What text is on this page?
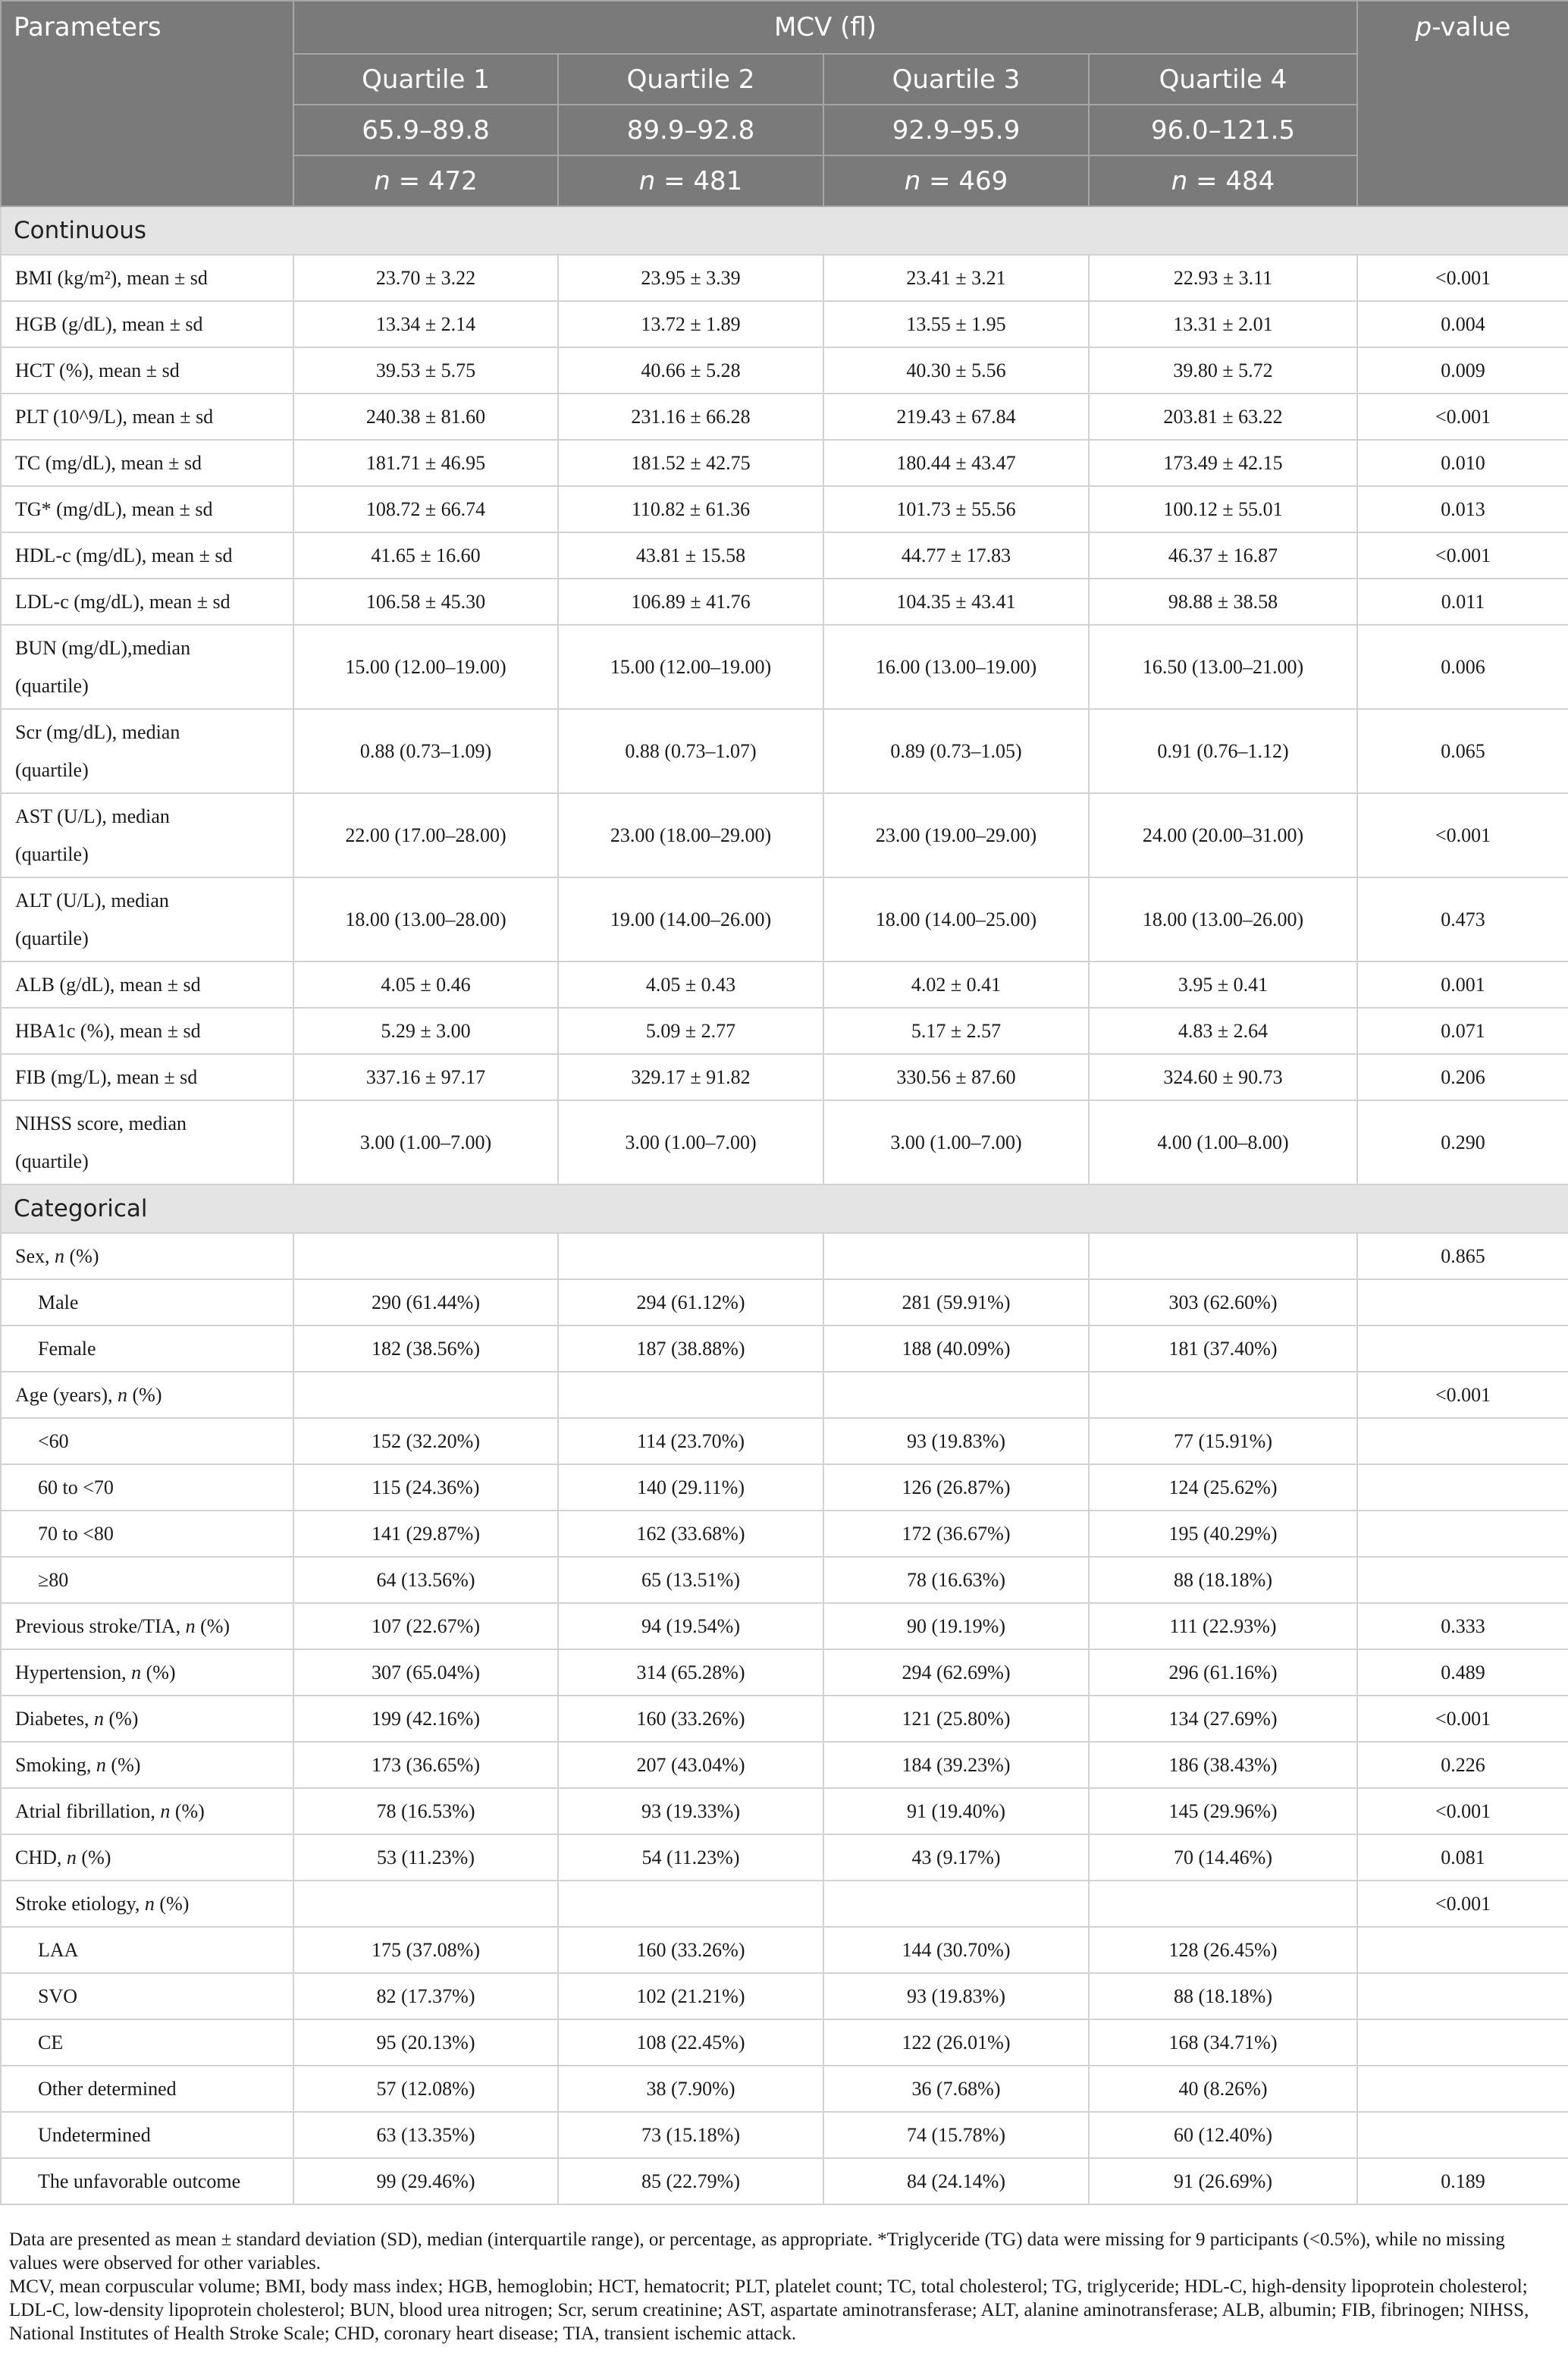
Parameters	MCV (fl)				p-value
	Quartile 1	Quartile 2	Quartile 3	Quartile 4	
	65.9–89.8	89.9–92.8	92.9–95.9	96.0–121.5	
	n = 472	n = 481	n = 469	n = 484	
Continuous					
BMI (kg/m²), mean ± sd	23.70 ± 3.22	23.95 ± 3.39	23.41 ± 3.21	22.93 ± 3.11	<0.001
HGB (g/dL), mean ± sd	13.34 ± 2.14	13.72 ± 1.89	13.55 ± 1.95	13.31 ± 2.01	0.004
HCT (%), mean ± sd	39.53 ± 5.75	40.66 ± 5.28	40.30 ± 5.56	39.80 ± 5.72	0.009
PLT (10^9/L), mean ± sd	240.38 ± 81.60	231.16 ± 66.28	219.43 ± 67.84	203.81 ± 63.22	<0.001
TC (mg/dL), mean ± sd	181.71 ± 46.95	181.52 ± 42.75	180.44 ± 43.47	173.49 ± 42.15	0.010
TG* (mg/dL), mean ± sd	108.72 ± 66.74	110.82 ± 61.36	101.73 ± 55.56	100.12 ± 55.01	0.013
HDL-c (mg/dL), mean ± sd	41.65 ± 16.60	43.81 ± 15.58	44.77 ± 17.83	46.37 ± 16.87	<0.001
LDL-c (mg/dL), mean ± sd	106.58 ± 45.30	106.89 ± 41.76	104.35 ± 43.41	98.88 ± 38.58	0.011
BUN (mg/dL),median
(quartile)	15.00 (12.00–19.00)	15.00 (12.00–19.00)	16.00 (13.00–19.00)	16.50 (13.00–21.00)	0.006
Scr (mg/dL), median
(quartile)	0.88 (0.73–1.09)	0.88 (0.73–1.07)	0.89 (0.73–1.05)	0.91 (0.76–1.12)	0.065
AST (U/L), median
(quartile)	22.00 (17.00–28.00)	23.00 (18.00–29.00)	23.00 (19.00–29.00)	24.00 (20.00–31.00)	<0.001
ALT (U/L), median
(quartile)	18.00 (13.00–28.00)	19.00 (14.00–26.00)	18.00 (14.00–25.00)	18.00 (13.00–26.00)	0.473
ALB (g/dL), mean ± sd	4.05 ± 0.46	4.05 ± 0.43	4.02 ± 0.41	3.95 ± 0.41	0.001
HBA1c (%), mean ± sd	5.29 ± 3.00	5.09 ± 2.77	5.17 ± 2.57	4.83 ± 2.64	0.071
FIB (mg/L), mean ± sd	337.16 ± 97.17	329.17 ± 91.82	330.56 ± 87.60	324.60 ± 90.73	0.206
NIHSS score, median
(quartile)	3.00 (1.00–7.00)	3.00 (1.00–7.00)	3.00 (1.00–7.00)	4.00 (1.00–8.00)	0.290
Categorical					
Sex, n (%)					0.865
Male	290 (61.44%)	294 (61.12%)	281 (59.91%)	303 (62.60%)	
Female	182 (38.56%)	187 (38.88%)	188 (40.09%)	181 (37.40%)	
Age (years), n (%)					<0.001
<60	152 (32.20%)	114 (23.70%)	93 (19.83%)	77 (15.91%)	
60 to <70	115 (24.36%)	140 (29.11%)	126 (26.87%)	124 (25.62%)	
70 to <80	141 (29.87%)	162 (33.68%)	172 (36.67%)	195 (40.29%)	
≥80	64 (13.56%)	65 (13.51%)	78 (16.63%)	88 (18.18%)	
Previous stroke/TIA, n (%)	107 (22.67%)	94 (19.54%)	90 (19.19%)	111 (22.93%)	0.333
Hypertension, n (%)	307 (65.04%)	314 (65.28%)	294 (62.69%)	296 (61.16%)	0.489
Diabetes, n (%)	199 (42.16%)	160 (33.26%)	121 (25.80%)	134 (27.69%)	<0.001
Smoking, n (%)	173 (36.65%)	207 (43.04%)	184 (39.23%)	186 (38.43%)	0.226
Atrial fibrillation, n (%)	78 (16.53%)	93 (19.33%)	91 (19.40%)	145 (29.96%)	<0.001
CHD, n (%)	53 (11.23%)	54 (11.23%)	43 (9.17%)	70 (14.46%)	0.081
Stroke etiology, n (%)					<0.001
LAA	175 (37.08%)	160 (33.26%)	144 (30.70%)	128 (26.45%)	
SVO	82 (17.37%)	102 (21.21%)	93 (19.83%)	88 (18.18%)	
CE	95 (20.13%)	108 (22.45%)	122 (26.01%)	168 (34.71%)	
Other determined	57 (12.08%)	38 (7.90%)	36 (7.68%)	40 (8.26%)	
Undetermined	63 (13.35%)	73 (15.18%)	74 (15.78%)	60 (12.40%)	
The unfavorable outcome	99 (29.46%)	85 (22.79%)	84 (24.14%)	91 (26.69%)	0.189

Data are presented as mean ± standard deviation (SD), median (interquartile range), or percentage, as appropriate. *Triglyceride (TG) data were missing for 9 participants (<0.5%), while no missing values were observed for other variables.

MCV, mean corpuscular volume; BMI, body mass index; HGB, hemoglobin; HCT, hematocrit; PLT, platelet count; TC, total cholesterol; TG, triglyceride; HDL-C, high-density lipoprotein cholesterol; LDL-C, low-density lipoprotein cholesterol; BUN, blood urea nitrogen; Scr, serum creatinine; AST, aspartate aminotransferase; ALT, alanine aminotransferase; ALB, albumin; FIB, fibrinogen; NIHSS, National Institutes of Health Stroke Scale; CHD, coronary heart disease; TIA, transient ischemic attack.
